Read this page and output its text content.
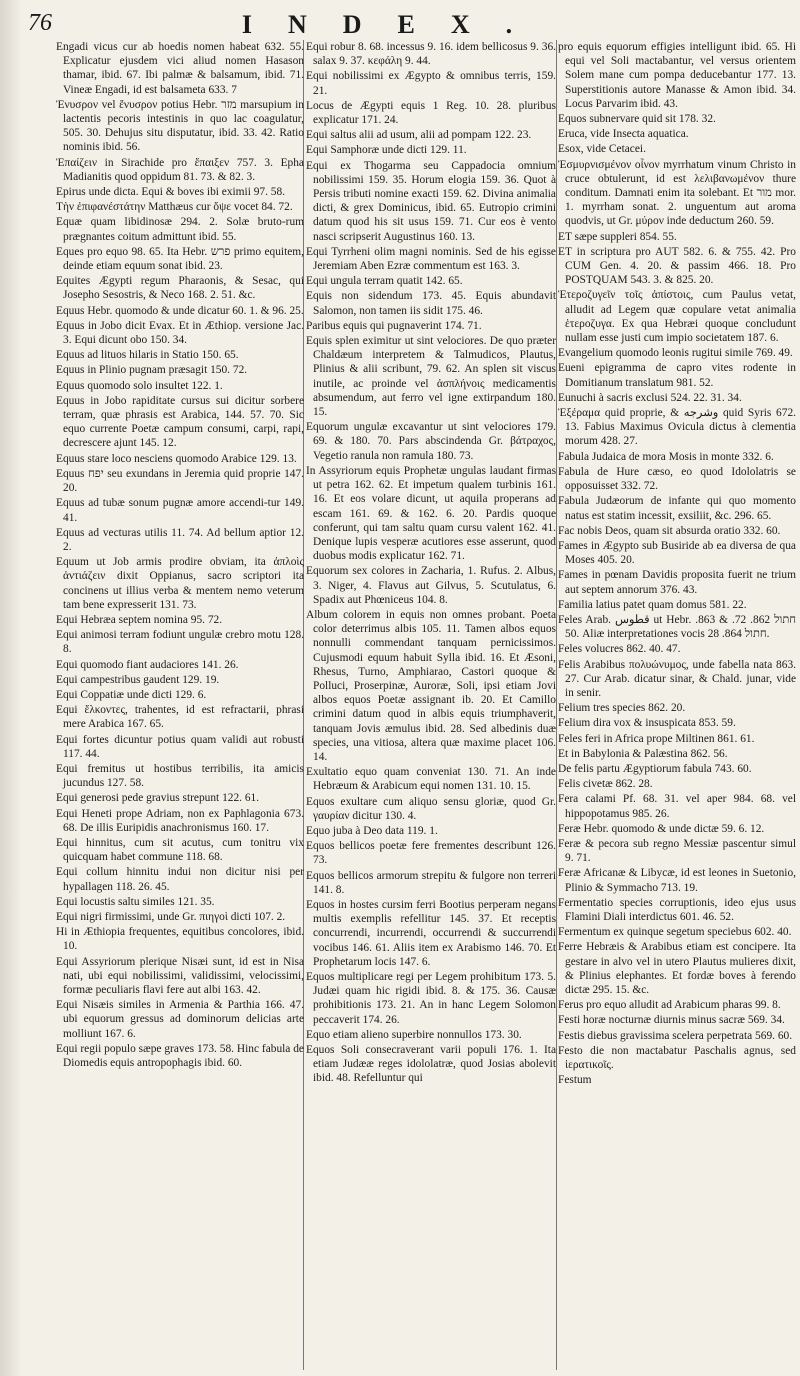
76	INDEX.
Engadi vicus cur ab hoedis nomen habeat 632. 55. Explicatur ejusdem vici aliud nomen Hasason thamar, ibid. 67. Ibi palmæ & balsamum, ibid. 71. Vineæ Engadi, id est balsameta 633. 7
Ἐνυσρον vel ἔνυσρον potius Hebr. מזר marsupium in lactentis pecoris intestinis in quo lac coagulatur, 505. 30. Dehujus situ disputatur, ibid. 33. 42. Ratio nominis ibid. 56.
Ἐπαίζειν in Sirachide pro ἔπαιξεν 757. 3. Epha Madianitis quod oppidum 81. 73. & 82. 3.
Epirus unde dicta. Equi & boves ibi eximii 97. 58.
Τὴν ἐπιφανέστάτην Matthæus cur ὄψε vocet 84. 72.
Equæ quam libidinosæ 294. 2. Solæ bruto-rum prægnantes coitum admittunt ibid. 55.
Eques pro equo 98. 65. Ita Hebr. פרש primo equitem, deinde etiam equum sonat ibid. 23.
Equites Ægypti regum Pharaonis, & Sesac, qui Josepho Sesostris, & Neco 168. 2. 51. &c.
Equus Hebr. quomodo & unde dicatur 60. 1. & 96. 25.
Equus in Jobo dicit Evax. Et in Æthiop. versione Jac. 3. Equi dicunt obo 150. 34.
Equus ad lituos hilaris in Statio 150. 65.
Equus in Plinio pugnam præsagit 150. 72.
Equus quomodo solo insultet 122. 1.
Equus in Jobo rapiditate cursus sui dicitur sorbere terram, quæ phrasis est Arabica, 144. 57. 70. Sic equo currente Poetæ campum consumi, carpi, rapi, decrescere ajunt 145. 12.
Equus stare loco nesciens quomodo Arabice 129. 13.
Equus יפח seu exundans in Jeremia quid proprie 147. 20.
Equus ad tubæ sonum pugnæ amore accendi-tur 149. 41.
Equus ad vecturas utilis 11. 74. Ad bellum aptior 12. 2.
Equum ut Job armis prodire obviam, ita ἀπλοὶς ἀντιάζειν dixit Oppianus, sacro scriptori ita concinens ut illius verba & mentem nemo veterum tam bene expresserit 131. 73.
Equi Hebræa septem nomina 95. 72.
Equi animosi terram fodiunt ungulæ crebro motu 128. 8.
Equi quomodo fiant audaciores 141. 26.
Equi campestribus gaudent 129. 19.
Equi Coppatiæ unde dicti 129. 6.
Equi ἕλκοντες, trahentes, id est refractarii, phrasi mere Arabica 167. 65.
Equi fortes dicuntur potius quam validi aut robusti 117. 44.
Equi fremitus ut hostibus terribilis, ita amicis jucundus 127. 58.
Equi generosi pede gravius strepunt 122. 61.
Equi Heneti prope Adriam, non ex Paphlagonia 673. 68. De illis Euripidis anachronismus 160. 17.
Equi hinnitus, cum sit acutus, cum tonitru vix quicquam habet commune 118. 68.
Equi collum hinnitu indui non dicitur nisi per hypallagen 118. 26. 45.
Equi locustis saltu similes 121. 35.
Equi nigri firmissimi, unde Gr. πιηγοὶ dicti 107. 2.
Hi in Æthiopia frequentes, equitibus concolores, ibid. 10.
Equi Assyriorum plerique Nisæi sunt, id est in Nisa nati, ubi equi nobilissimi, validissimi, velocissimi, formæ peculiaris flavi fere aut albi 163. 42.
Equi Nisæis similes in Armenia & Parthia 166. 47. ubi equorum gressus ad dominorum delicias arte molliunt 167. 6.
Equi regii populo sæpe graves 173. 58. Hinc fabula de Diomedis equis antropophagis ibid. 60.
Equi robur 8. 68. incessus 9. 16. idem bellicosus 9. 36. salax 9. 37. κεφάλη 9. 44.
Equi nobilissimi ex Ægypto & omnibus terris, 159. 21.
Locus de Ægypti equis 1 Reg. 10. 28. pluribus explicatur 171. 24.
Equi saltus alii ad usum, alii ad pompam 122. 23.
Equi Samphoræ unde dicti 129. 11.
Equi ex Thogarma seu Cappadocia omnium nobilissimi 159. 35. Horum elogia 159. 36. Quot à Persis tributi nomine exacti 159. 62. Divina animalia dicti, & grex Dominicus, ibid. 65. Eutropio crimini datum quod his sit usus 159. 71. Cur eos è vento nasci scripserit Augustinus 160. 13.
Equi Tyrrheni olim magni nominis. Sed de his egisse Jeremiam Aben Ezræ commentum est 163. 3.
Equi ungula terram quatit 142. 65.
Equis non sidendum 173. 45. Equis abundavit Salomon, non tamen iis sidit 175. 46.
Paribus equis qui pugnaverint 174. 71.
Equis splen eximitur ut sint velociores. De quo præter Chaldæum interpretem & Talmudicos, Plautus, Plinius & alii scribunt, 79. 62. An splen sit viscus inutile, ac proinde vel ἀσπλήνοις medicamentis absumendum, aut ferro vel igne extirpandum 180. 15.
Equorum ungulæ excavantur ut sint velociores 179. 69. & 180. 70. Pars abscindenda Gr. βάτραχος, Vegetio ranula non ramula 180. 73.
In Assyriorum equis Prophetæ ungulas laudant firmas ut petra 162. 62. Et impetum qualem turbinis 161. 16. Et eos volare dicunt, ut aquila properans ad escam 161. 69. & 162. 6. 20. Pardis quoque conferunt, qui tam saltu quam cursu valent 162. 41. Denique lupis vesperæ acutiores esse asserunt, quod duobus modis explicatur 162. 71.
Equorum sex colores in Zacharia, 1. Rufus. 2. Albus, 3. Niger, 4. Flavus aut Gilvus, 5. Scutulatus, 6. Spadix aut Phœniceus 104. 8.
Album colorem in equis non omnes probant. Poeta color deterrimus albis 105. 11. Tamen albos equos nonnulli commendant tanquam pernicissimos. Cujusmodi equum habuit Sylla ibid. 16. Et Æsoni, Rhesus, Turno, Amphiarao, Castori quoque & Polluci, Proserpinæ, Auroræ, Soli, ipsi etiam Jovi albos equos Poetæ assignant ib. 20. Et Camillo crimini datum quod in albis equis triumphaverit, tanquam Jovis æmulus ibid. 28. Sed albedinis duæ species, una vitiosa, altera quæ maxime placet 106. 14.
Exultatio equo quam conveniat 130. 71. An inde Hebræum & Arabicum equi nomen 131. 10. 15.
Equos exultare cum aliquo sensu gloriæ, quod Gr. γαυρίαν dicitur 130. 4.
Equo juba à Deo data 119. 1.
Equos bellicos poetæ fere frementes describunt 126. 73.
Equos bellicos armorum strepitu & fulgore non terreri 141. 8.
Equos in hostes cursim ferri Bootius perperam negans multis exemplis refellitur 145. 37. Et receptis concurrendi, incurrendi, occurrendi & succurrendi vocibus 146. 61. Aliis item ex Arabismo 146. 70. Et Prophetarum locis 147. 6.
Equos multiplicare regi per Legem prohibitum 173. 5. Judæi quam hic rigidi ibid. 8. & 175. 36. Causæ prohibitionis 173. 21. An in hanc Legem Solomon peccaverit 174. 26.
Equo etiam alieno superbire nonnullos 173. 30.
Equos Soli consecraverant varii populi 176. 1. Ita etiam Judææ reges idololatræ, quod Josias abolevit ibid. 48. Refelluntur qui
pro equis equorum effigies intelligunt ibid. 65. Hi equi vel Soli mactabantur, vel versus orientem Solem mane cum pompa deducebantur 177. 13. Superstitionis autore Manasse & Amon ibid. 34. Locus Parvarim ibid. 43.
Equos subnervare quid sit 178. 32.
Eruca, vide Insecta aquatica.
Esox, vide Cetacei.
Ἐσμυρνισμένον οἶνον myrrhatum vinum Christo in cruce obtulerunt, id est λελιβανωμένον thure conditum. Damnati enim ita solebant. Et מור mor. 1. myrrham sonat. 2. unguentum aut aroma quodvis, ut Gr. μύρον inde deductum 260. 59.
ET sæpe suppleri 854. 55.
ET in scriptura pro AUT 582. 6. & 755. 42. Pro CUM Gen. 4. 20. & passim 466. 18. Pro POSTQUAM 543. 3. & 825. 20.
Ἑτεροζυγεῖν τοῖς ἀπίστοις, cum Paulus vetat, alludit ad Legem quæ copulare vetat animalia ἑτεροζυγα. Ex qua Hebræi quoque concludunt nullam esse justi cum impio societatem 187. 6.
Evangelium quomodo leonis rugitui simile 769. 49.
Eueni epigramma de capro vites rodente in Domitianum translatum 981. 52.
Eunuchi à sacris exclusi 524. 22. 31. 34.
Ἐξέραμα quid proprie, & وشرجه quid Syris 672. 13. Fabius Maximus Ovicula dictus à clementia morum 428. 27.
Fabula Judaica de mora Mosis in monte 332. 6.
Fabula de Hure cæso, eo quod Idololatris se opposuisset 332. 72.
Fabula Judæorum de infante qui quo momento natus est statim incessit, exsiliit, &c. 296. 65.
Fac nobis Deos, quam sit absurda oratio 332. 60.
Fames in Ægypto sub Busiride ab ea diversa de qua Moses 405. 20.
Fames in pœnam Davidis proposita fuerit ne trium aut septem annorum 376. 43.
Familia latius patet quam domus 581. 22.
Feles Arab. قطوس ut Hebr. חתול 862. 72. & 863. 50. Aliæ interpretationes vocis חתול 864. 28.
Feles volucres 862. 40. 47.
Felis Arabibus πολυώνυμος, unde fabella nata 863. 27. Cur Arab. dicatur sinar, & Chald. junar, vide in senir.
Felium tres species 862. 20.
Felium dira vox & insuspicata 853. 59.
Feles feri in Africa prope Miltinen 861. 61.
Et in Babylonia & Palæstina 862. 56.
De felis partu Ægyptiorum fabula 743. 60.
Felis civetæ 862. 28.
Fera calami Pf. 68. 31. vel aper 984. 68. vel hippopotamus 985. 26.
Feræ Hebr. quomodo & unde dictæ 59. 6. 12.
Feræ & pecora sub regno Messiæ pascentur simul 9. 71.
Feræ Africanæ & Libycæ, id est leones in Suetonio, Plinio & Symmacho 713. 19.
Fermentatio species corruptionis, ideo ejus usus Flamini Diali interdictus 601. 46. 52.
Fermentum ex quinque segetum speciebus 602. 40.
Ferre Hebræis & Arabibus etiam est concipere. Ita gestare in alvo vel in utero Plautus mulieres dixit, & Plinius elephantes. Et fordæ boves à ferendo dictæ 295. 15. &c.
Ferus pro equo alludit ad Arabicum pharas 99. 8.
Festi horæ nocturnæ diurnis minus sacræ 569. 34.
Festis diebus gravissima scelera perpetrata 569. 60.
Festo die non mactabatur Paschalis agnus, sed ἱερατικοῖς.
Festum
